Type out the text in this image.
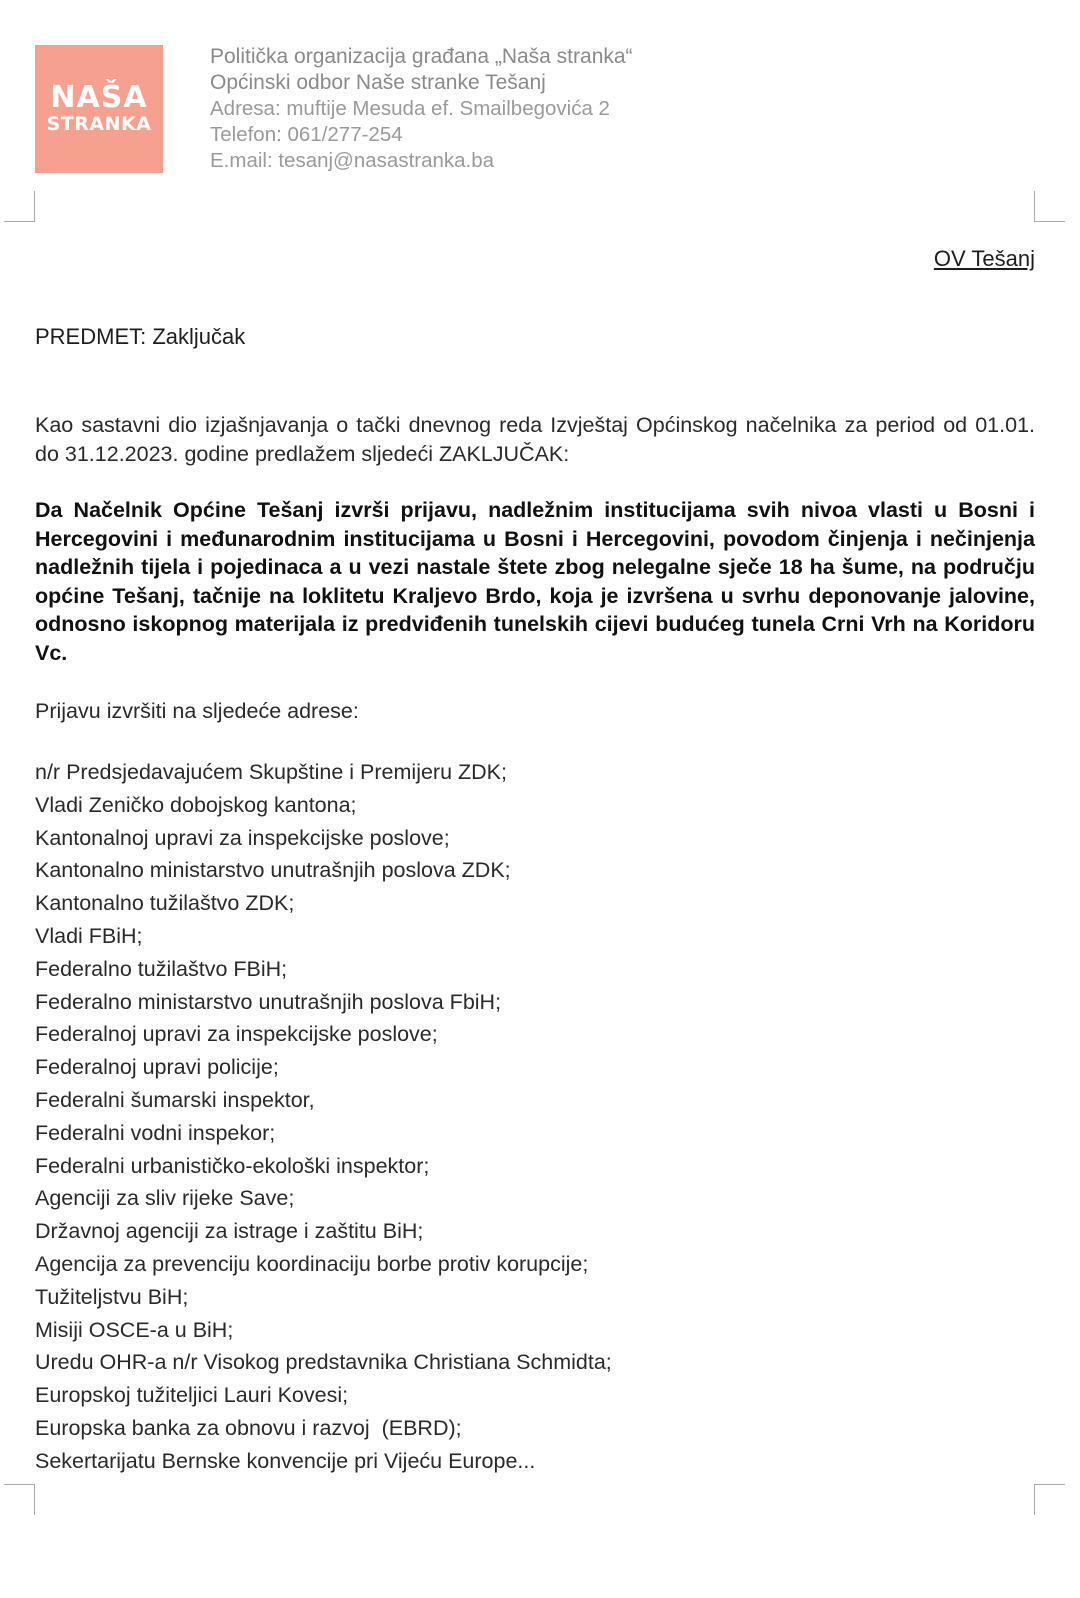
NAŠA
STRANKA
Politička organizacija građana „Naša stranka“
Općinski odbor Naše stranke Tešanj
Adresa: muftije Mesuda ef. Smailbegovića 2
Telefon: 061/277-254
E.mail: tesanj@nasastranka.ba
OV Tešanj
PREDMET: Zaključak

Kao sastavni dio izjašnjavanja o tački dnevnog reda Izvještaj Općinskog načelnika za period od 01.01. do 31.12.2023. godine predlažem sljedeći ZAKLJUČAK:

Da Načelnik Općine Tešanj izvrši prijavu, nadležnim institucijama svih nivoa vlasti u Bosni i Hercegovini i međunarodnim institucijama u Bosni i Hercegovini, povodom činjenja i nečinjenja nadležnih tijela i pojedinaca a u vezi nastale štete zbog nelegalne sječe 18 ha šume, na području općine Tešanj, tačnije na loklitetu Kraljevo Brdo, koja je izvršena u svrhu deponovanje jalovine, odnosno iskopnog materijala iz predviđenih tunelskih cijevi budućeg tunela Crni Vrh na Koridoru Vc.

Prijavu izvršiti na sljedeće adrese:
n/r Predsjedavajućem Skupštine i Premijeru ZDK;
Vladi Zeničko dobojskog kantona;
Kantonalnoj upravi za inspekcijske poslove;
Kantonalno ministarstvo unutrašnjih poslova ZDK;
Kantonalno tužilaštvo ZDK;
Vladi FBiH;
Federalno tužilaštvo FBiH;
Federalno ministarstvo unutrašnjih poslova FbiH;
Federalnoj upravi za inspekcijske poslove;
Federalnoj upravi policije;
Federalni šumarski inspektor,
Federalni vodni inspekor;
Federalni urbanističko-ekološki inspektor;
Agenciji za sliv rijeke Save;
Državnoj agenciji za istrage i zaštitu BiH;
Agencija za prevenciju koordinaciju borbe protiv korupcije;
Tužiteljstvu BiH;
Misiji OSCE-a u BiH;
Uredu OHR-a n/r Visokog predstavnika Christiana Schmidta;
Europskoj tužiteljici Lauri Kovesi;
Europska banka za obnovu i razvoj  (EBRD);
Sekertarijatu Bernske konvencije pri Vijeću Europe...
